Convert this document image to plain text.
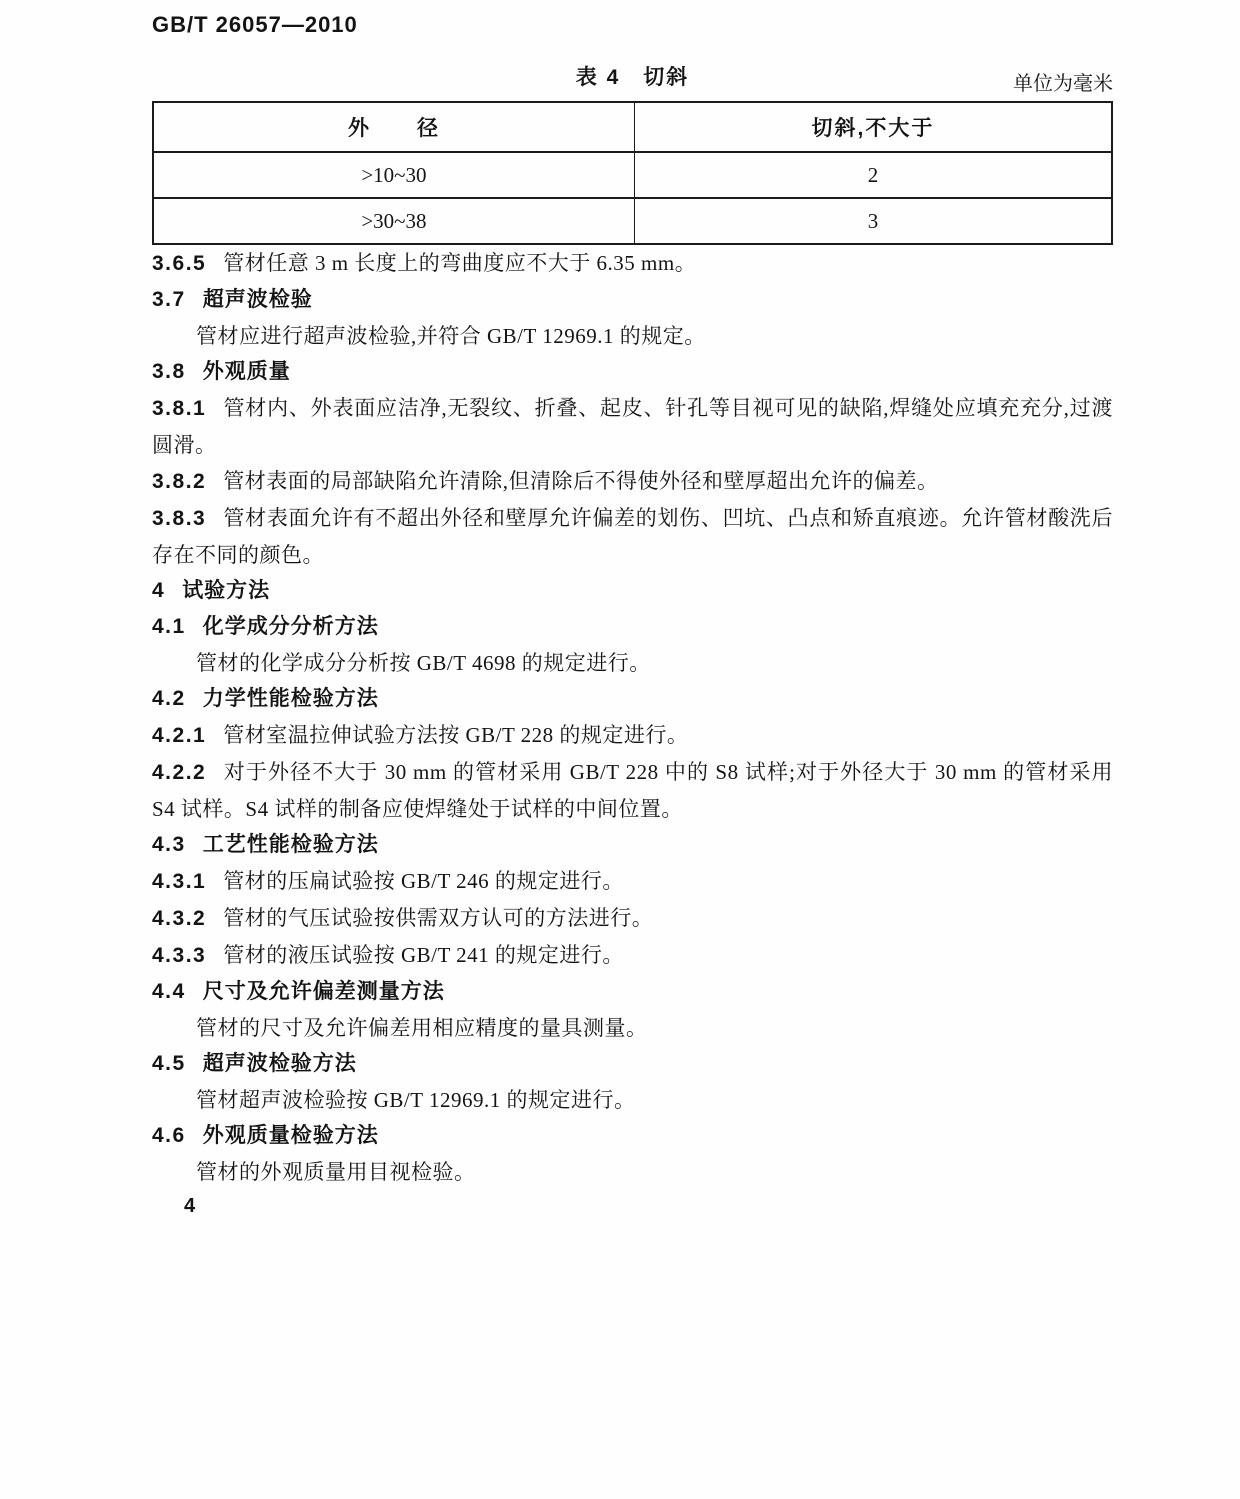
GB/T 26057—2010
表 4　切斜	单位为毫米
外　　径	切斜,不大于
>10~30	2
>30~38	3

3.6.5 管材任意 3 m 长度上的弯曲度应不大于 6.35 mm。

3.7 超声波检验

管材应进行超声波检验,并符合 GB/T 12969.1 的规定。

3.8 外观质量

3.8.1 管材内、外表面应洁净,无裂纹、折叠、起皮、针孔等目视可见的缺陷,焊缝处应填充充分,过渡圆滑。

3.8.2 管材表面的局部缺陷允许清除,但清除后不得使外径和壁厚超出允许的偏差。

3.8.3 管材表面允许有不超出外径和壁厚允许偏差的划伤、凹坑、凸点和矫直痕迹。允许管材酸洗后存在不同的颜色。

4 试验方法
4.1 化学成分分析方法

管材的化学成分分析按 GB/T 4698 的规定进行。

4.2 力学性能检验方法

4.2.1 管材室温拉伸试验方法按 GB/T 228 的规定进行。

4.2.2 对于外径不大于 30 mm 的管材采用 GB/T 228 中的 S8 试样;对于外径大于 30 mm 的管材采用 S4 试样。S4 试样的制备应使焊缝处于试样的中间位置。

4.3 工艺性能检验方法

4.3.1 管材的压扁试验按 GB/T 246 的规定进行。

4.3.2 管材的气压试验按供需双方认可的方法进行。

4.3.3 管材的液压试验按 GB/T 241 的规定进行。

4.4 尺寸及允许偏差测量方法

管材的尺寸及允许偏差用相应精度的量具测量。

4.5 超声波检验方法

管材超声波检验按 GB/T 12969.1 的规定进行。

4.6 外观质量检验方法

管材的外观质量用目视检验。

4
